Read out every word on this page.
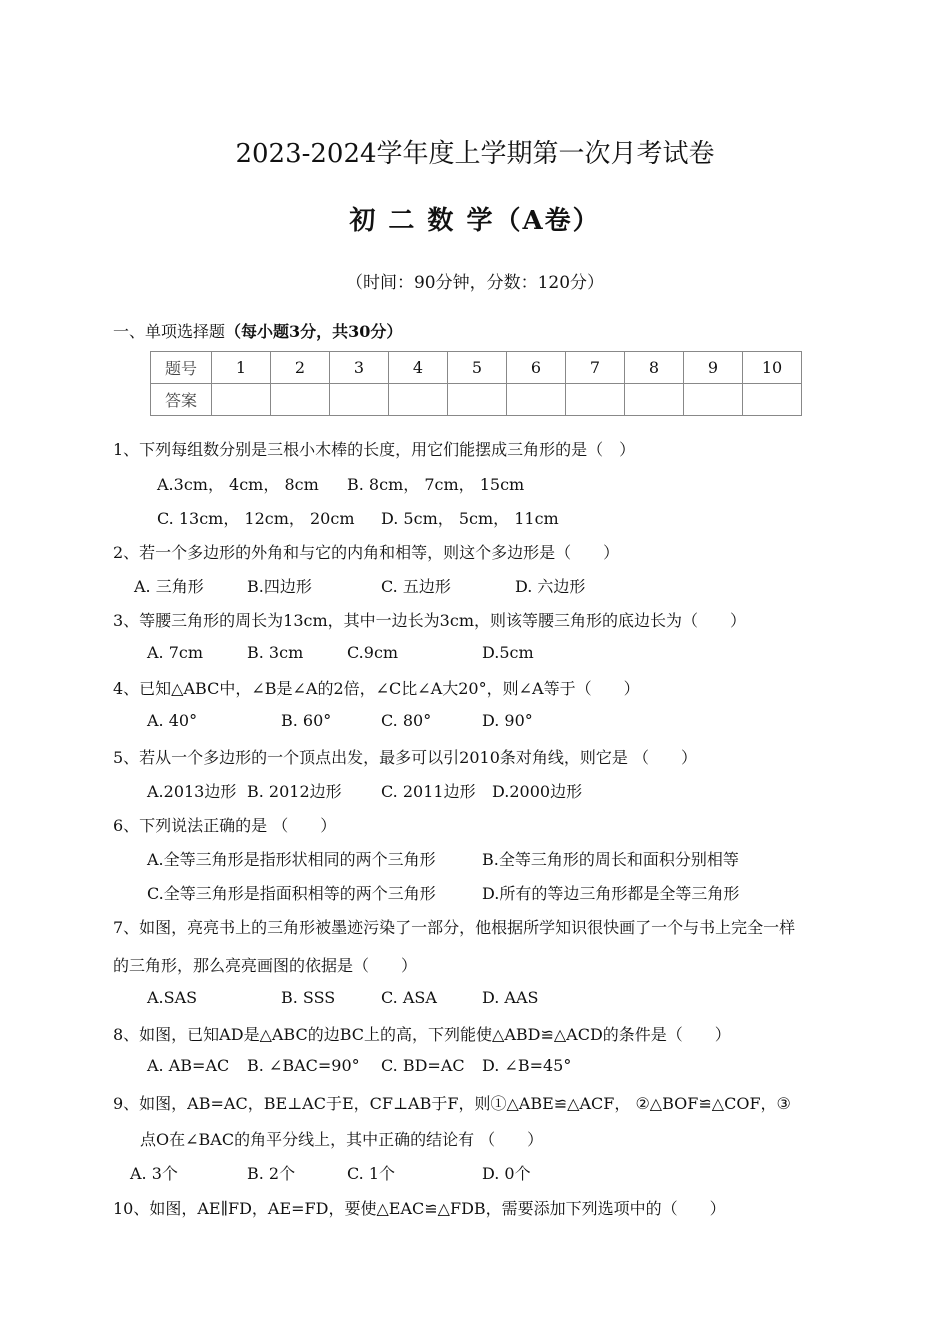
2023-2024学年度上学期第一次月考试卷
初 二 数 学（A卷）
（时间：90分钟，分数：120分）
一、单项选择题（每小题3分，共30分）
题号	1	2	3	4	5	6	7	8	9	10
答案										
1、下列每组数分别是三根小木棒的长度，用它们能摆成三角形的是（　）
A.3cm， 4cm， 8cm B. 8cm， 7cm， 15cm
C. 13cm， 12cm， 20cm D. 5cm， 5cm， 11cm
2、若一个多边形的外角和与它的内角和相等，则这个多边形是（　　）
A. 三角形	B.四边形	C. 五边形	D. 六边形
3、等腰三角形的周长为13cm，其中一边长为3cm，则该等腰三角形的底边长为（　　）
A. 7cm	B. 3cm	C.9cm	D.5cm
4、已知△ABC中，∠B是∠A的2倍，∠C比∠A大20°，则∠A等于（　　）
A. 40°	B. 60°	C. 80°	D. 90°
5、若从一个多边形的一个顶点出发，最多可以引2010条对角线，则它是 （　　）
A.2013边形 B. 2012边形 C. 2011边形 D.2000边形
6、下列说法正确的是 （　　）
A.全等三角形是指形状相同的两个三角形	B.全等三角形的周长和面积分别相等
C.全等三角形是指面积相等的两个三角形	D.所有的等边三角形都是全等三角形
7、如图，亮亮书上的三角形被墨迹污染了一部分，他根据所学知识很快画了一个与书上完全一样
的三角形，那么亮亮画图的依据是（　　）
A.SAS	B. SSS	C. ASA	D. AAS
8、如图，已知AD是△ABC的边BC上的高，下列能使△ABD≌△ACD的条件是（　　）
A. AB=AC B. ∠BAC=90° C. BD=AC D. ∠B=45°
9、如图，AB=AC，BE⊥AC于E，CF⊥AB于F，则①△ABE≌△ACF， ②△BOF≌△COF，③
点O在∠BAC的角平分线上，其中正确的结论有 （　　）
A. 3个	B. 2个	C. 1个	D. 0个
10、如图，AE∥FD，AE=FD，要使△EAC≌△FDB，需要添加下列选项中的（　　）
